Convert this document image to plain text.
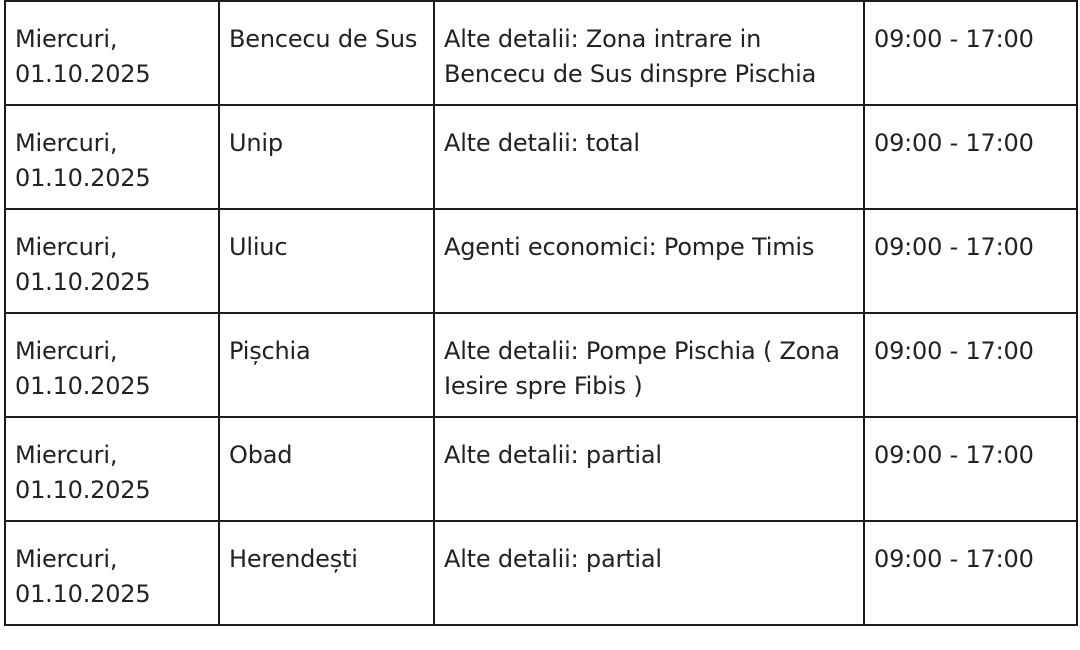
Miercuri,
01.10.2025	Bencecu de Sus	Alte detalii: Zona intrare in Bencecu de Sus dinspre Pischia	09:00 - 17:00

Miercuri,
01.10.2025	Unip	Alte detalii: total	09:00 - 17:00

Miercuri,
01.10.2025	Uliuc	Agenti economici: Pompe Timis	09:00 - 17:00

Miercuri,
01.10.2025	Pișchia	Alte detalii: Pompe Pischia ( Zona Iesire spre Fibis )	09:00 - 17:00

Miercuri,
01.10.2025	Obad	Alte detalii: partial	09:00 - 17:00

Miercuri,
01.10.2025	Herendești	Alte detalii: partial	09:00 - 17:00
